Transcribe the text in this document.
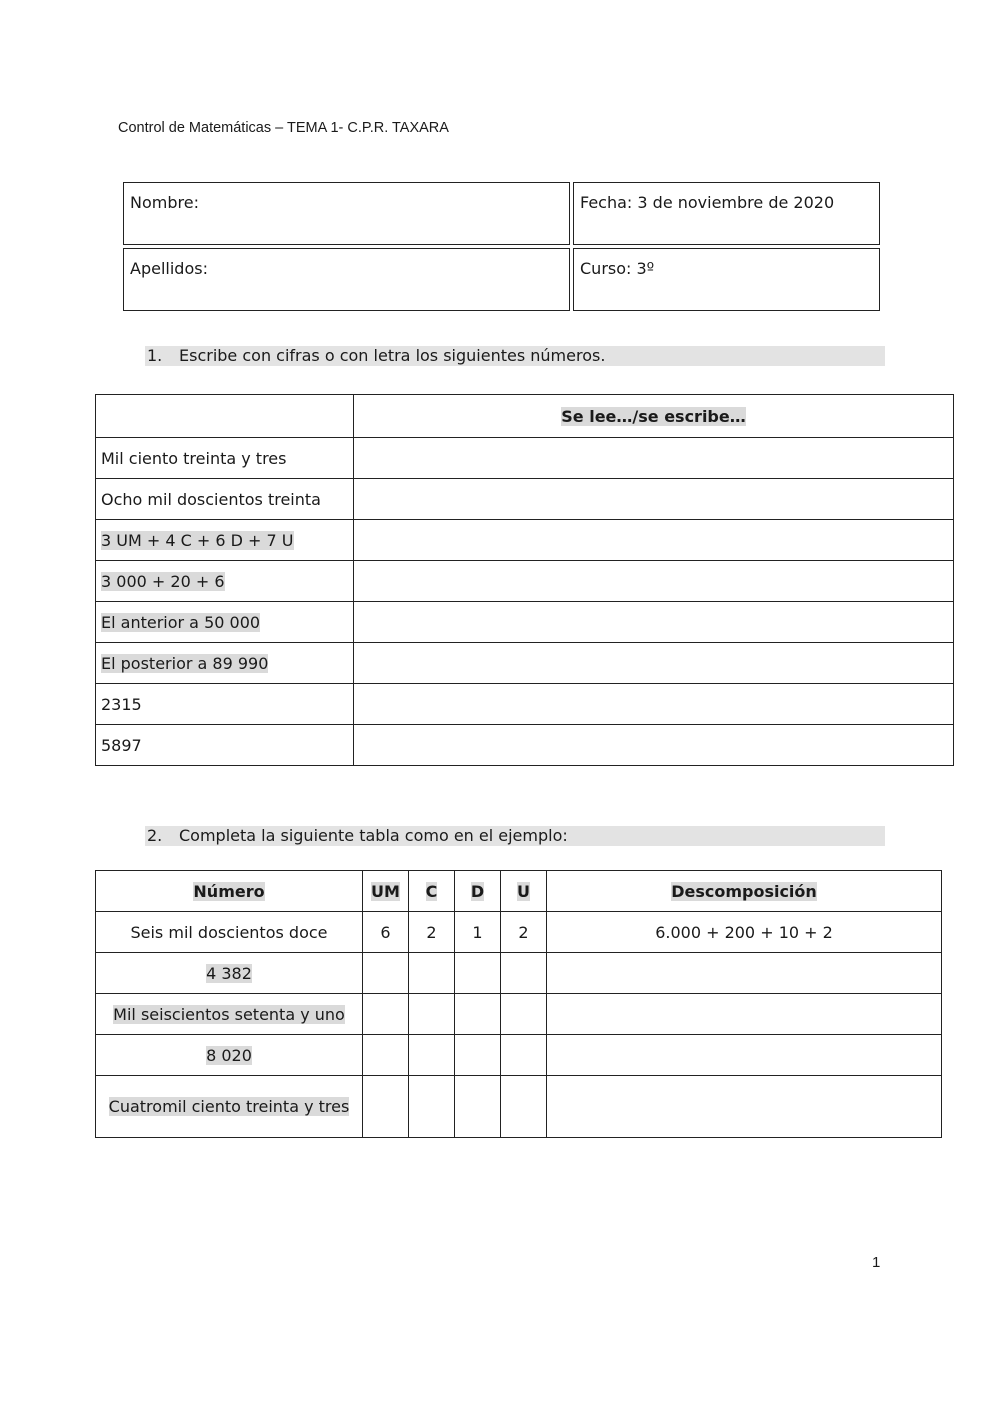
Control de Matemáticas – TEMA 1- C.P.R. TAXARA
Nombre:	Fecha: 3 de noviembre de 2020
Apellidos:	Curso: 3º
1. Escribe con cifras o con letra los siguientes números.
	Se lee…/se escribe…
Mil ciento treinta y tres	
Ocho mil doscientos treinta	
3 UM + 4 C + 6 D + 7 U	
3 000 + 20 + 6	
El anterior a 50 000	
El posterior a 89 990	
2315	
5897	
2. Completa la siguiente tabla como en el ejemplo:
Número	UM	C	D	U	Descomposición
Seis mil doscientos doce	6	2	1	2	6.000 + 200 + 10 + 2
4 382					
Mil seiscientos setenta y uno					
8 020					
Cuatromil ciento treinta y tres					
1
